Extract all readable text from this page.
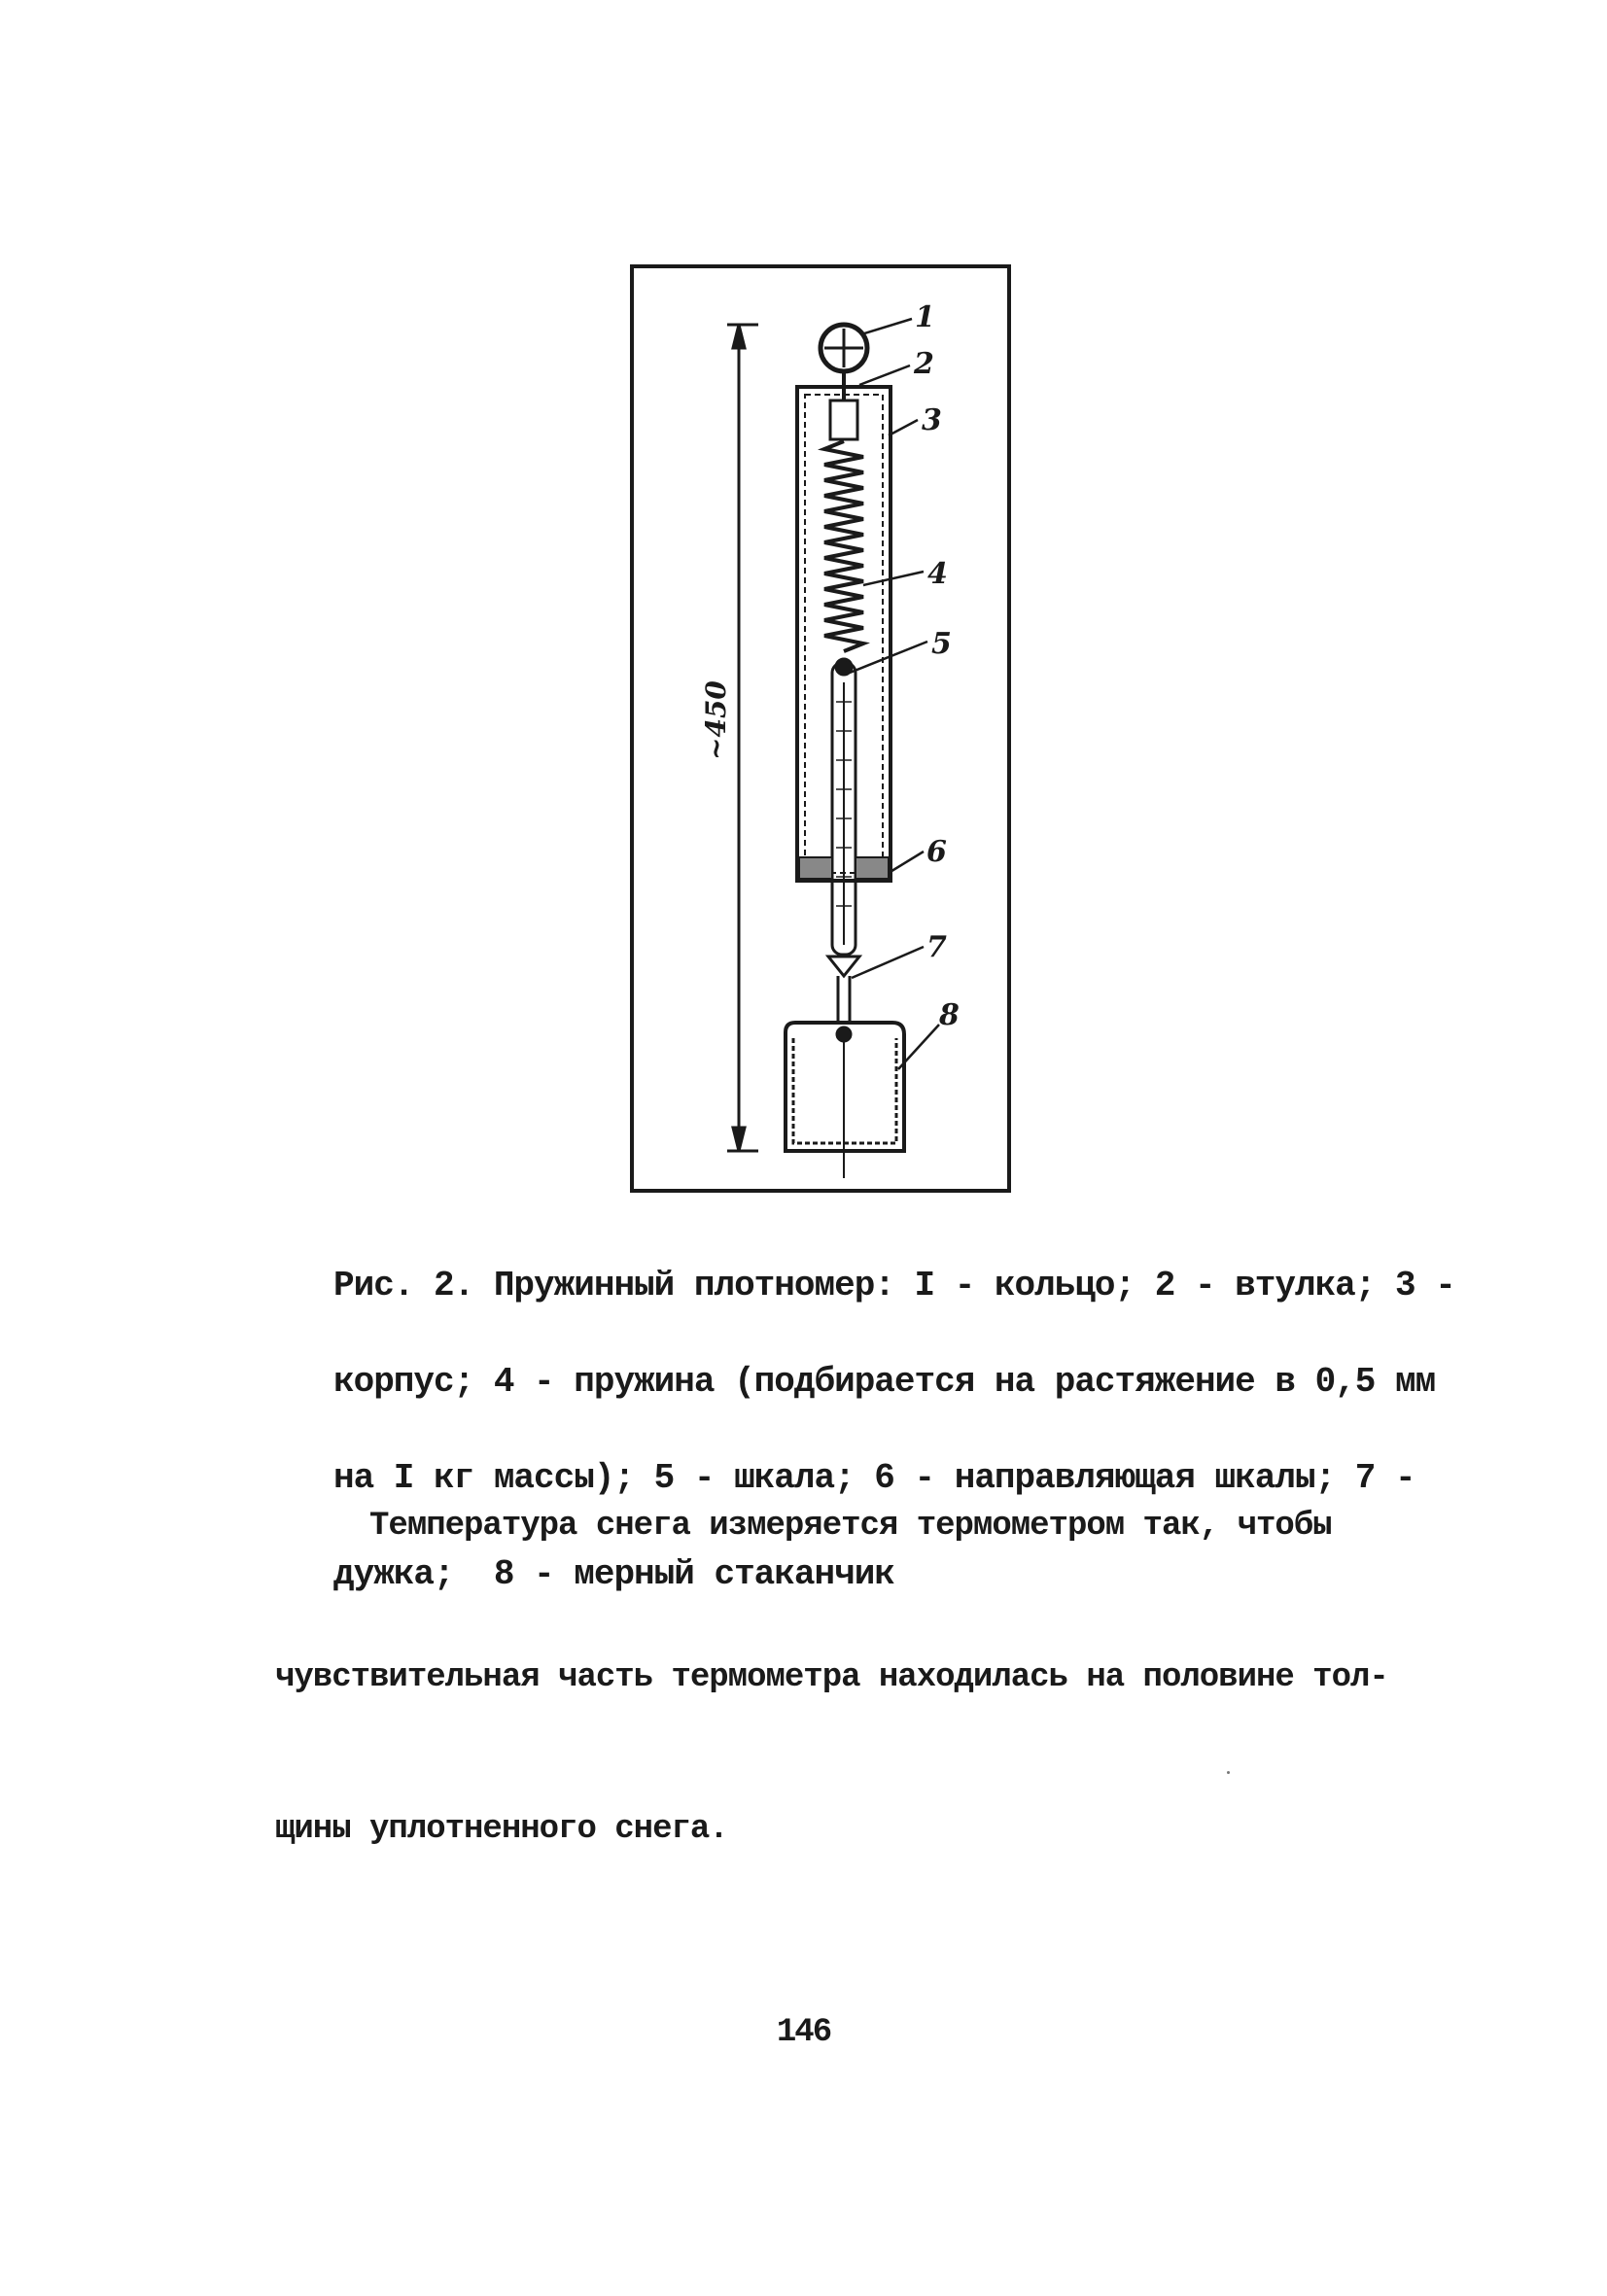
1
2
3
4
5
6
7
8
~450

Рис. 2. Пружинный плотномер: I - кольцо; 2 - втулка; 3 -

корпус; 4 - пружина (подбирается на растяжение в 0,5 мм

на I кг массы); 5 - шкала; 6 - направляющая шкалы; 7 -

дужка;  8 - мерный стаканчик

Температура снега измеряется термометром так, чтобы

чувствительная часть термометра находилась на половине тол-

щины уплотненного снега.

146
